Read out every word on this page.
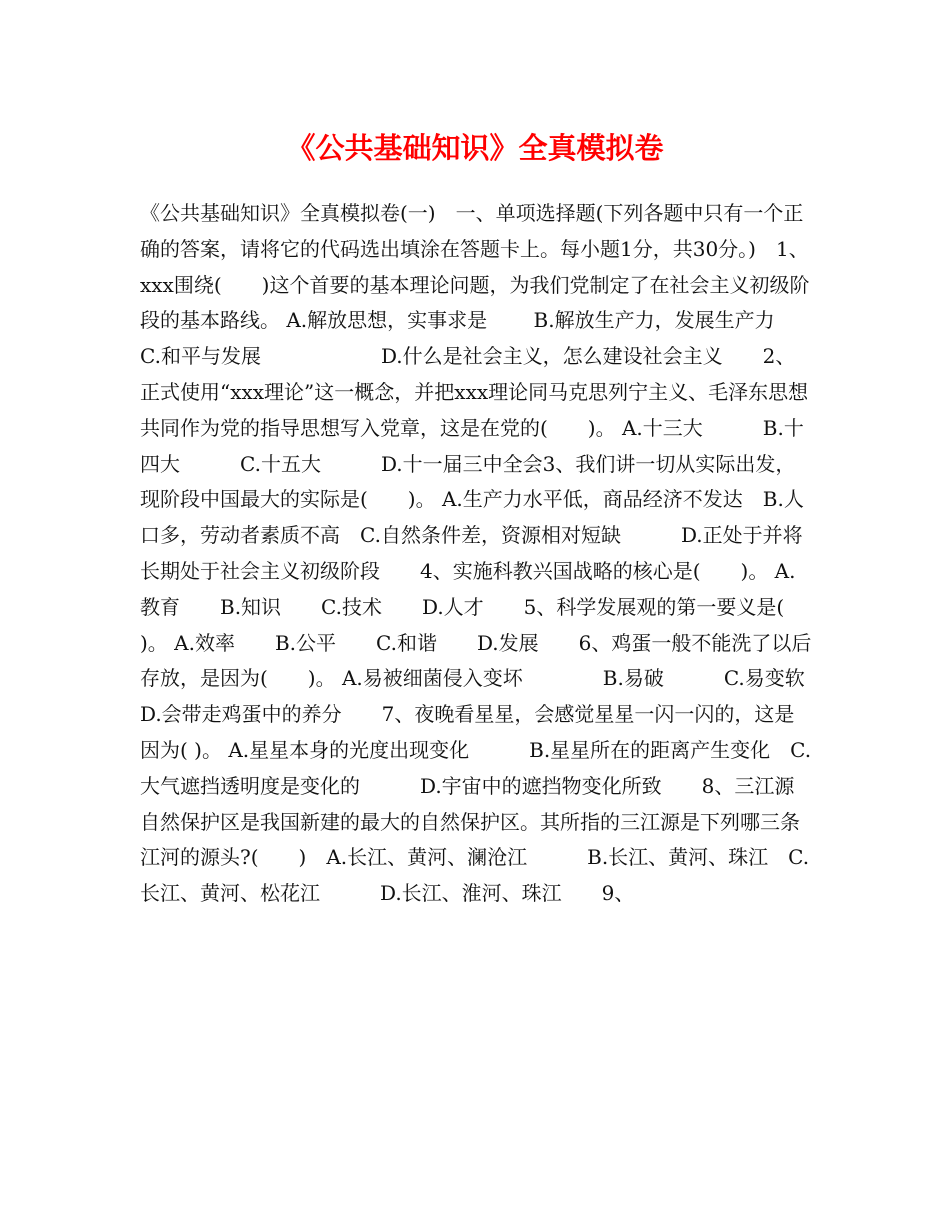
《公共基础知识》全真模拟卷
《公共基础知识》全真模拟卷(一)　一、单项选择题(下列各题中只有一个正确的答案，请将它的代码选出填涂在答题卡上。每小题1分，共30分。)　1、xxx围绕(　　)这个首要的基本理论问题，为我们党制定了在社会主义初级阶段的基本路线。 A.解放思想，实事求是　　 B.解放生产力，发展生产力　C.和平与发展　　　　　　D.什么是社会主义，怎么建设社会主义　　2、正式使用“xxx理论”这一概念，并把xxx理论同马克思列宁主义、毛泽东思想共同作为党的指导思想写入党章，这是在党的(　　)。 A.十三大　　　B.十四大　　　C.十五大　　　D.十一届三中全会3、我们讲一切从实际出发，现阶段中国最大的实际是(　　)。 A.生产力水平低，商品经济不发达　B.人口多，劳动者素质不高　C.自然条件差，资源相对短缺　　　D.正处于并将长期处于社会主义初级阶段　　4、实施科教兴国战略的核心是(　　)。 A.教育　　B.知识　　C.技术　　D.人才　　5、科学发展观的第一要义是(　　)。 A.效率　　B.公平　　C.和谐　　D.发展　　6、鸡蛋一般不能洗了以后存放，是因为(　　)。 A.易被细菌侵入变坏　　　　B.易破　　　C.易变软　　　　D.会带走鸡蛋中的养分　　7、夜晚看星星，会感觉星星一闪一闪的，这是因为( )。 A.星星本身的光度出现变化　　　B.星星所在的距离产生变化　C.大气遮挡透明度是变化的　　　D.宇宙中的遮挡物变化所致　　8、三江源自然保护区是我国新建的最大的自然保护区。其所指的三江源是下列哪三条江河的源头?(　　)　A.长江、黄河、澜沧江　　　B.长江、黄河、珠江　C.长江、黄河、松花江　　　D.长江、淮河、珠江　　9、
